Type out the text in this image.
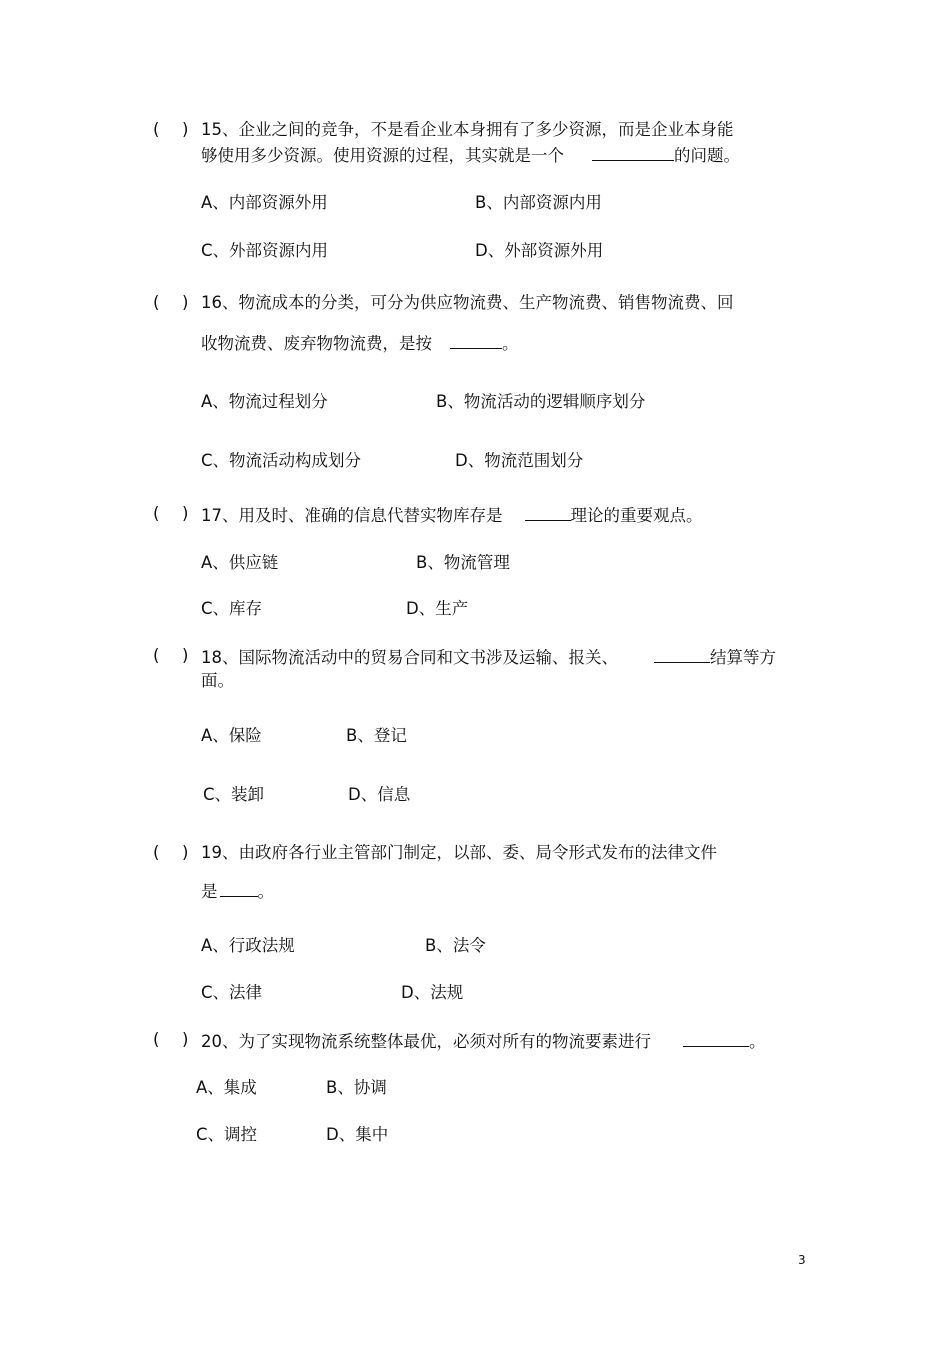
( ) 15、企业之间的竞争，不是看企业本身拥有了多少资源，而是企业本身能
够使用多少资源。使用资源的过程，其实就是一个	的问题。
A、内部资源外用	B、内部资源内用
C、外部资源内用	D、外部资源外用
( ) 16、物流成本的分类，可分为供应物流费、生产物流费、销售物流费、回
收物流费、废弃物物流费，是按	。
A、物流过程划分	B、物流活动的逻辑顺序划分
C、物流活动构成划分	D、物流范围划分
( ) 17、用及时、准确的信息代替实物库存是	理论的重要观点。
A、供应链	B、物流管理
C、库存	D、生产
( ) 18、国际物流活动中的贸易合同和文书涉及运输、报关、	结算等方
面。
A、保险	B、登记
C、装卸	D、信息
( ) 19、由政府各行业主管部门制定，以部、委、局令形式发布的法律文件
是 。
A、行政法规	B、法令
C、法律	D、法规
( ) 20、为了实现物流系统整体最优，必须对所有的物流要素进行	。
A、集成	B、协调
C、调控	D、集中
3
